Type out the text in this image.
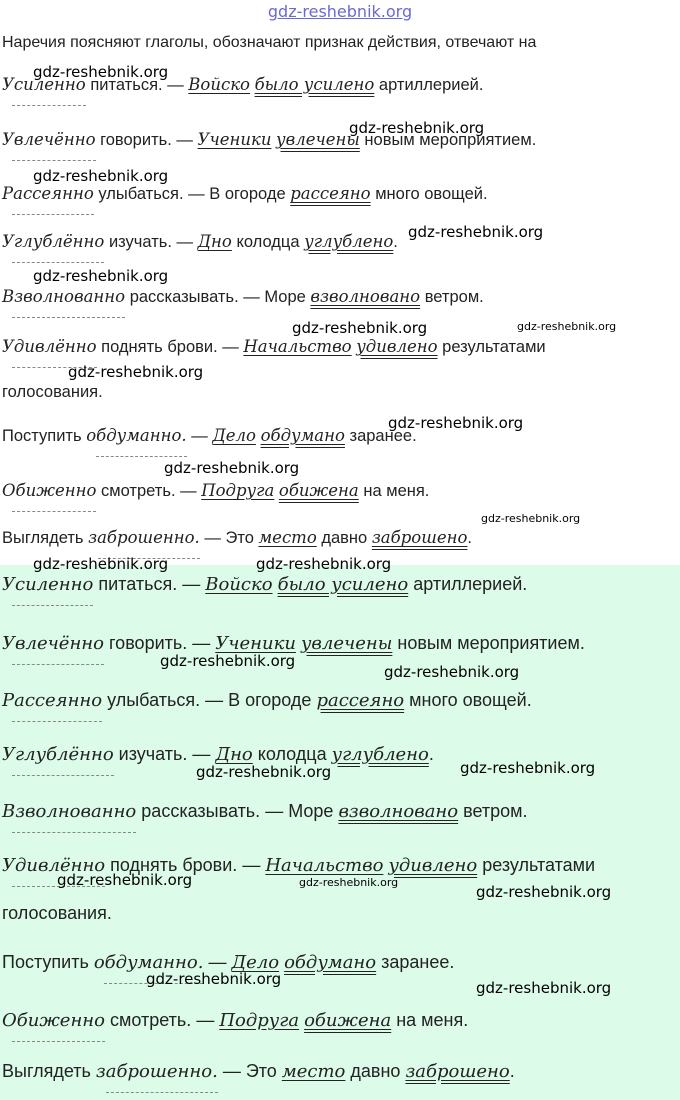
gdz-reshebnik.org
Наречия поясняют глаголы, обозначают признак действия, отвечают на
Усиленно питаться. — Войско было усилено артиллерией.
Увлечённо говорить. — Ученики увлечены новым мероприятием.
Рассеянно улыбаться. — В огороде рассеяно много овощей.
Углублённо изучать. — Дно колодца углублено.
Взволнованно рассказывать. — Море взволновано ветром.
Удивлённо поднять брови. — Начальство удивлено результатами
голосования.
Поступить обдуманно. — Дело обдумано заранее.
Обиженно смотреть. — Подруга обижена на меня.
Выглядеть заброшенно. — Это место давно заброшено.
Усиленно питаться. — Войско было усилено артиллерией.
Увлечённо говорить. — Ученики увлечены новым мероприятием.
Рассеянно улыбаться. — В огороде рассеяно много овощей.
Углублённо изучать. — Дно колодца углублено.
Взволнованно рассказывать. — Море взволновано ветром.
Удивлённо поднять брови. — Начальство удивлено результатами
голосования.
Поступить обдуманно. — Дело обдумано заранее.
Обиженно смотреть. — Подруга обижена на меня.
Выглядеть заброшенно. — Это место давно заброшено.
gdz-reshebnik.org
gdz-reshebnik.org
gdz-reshebnik.org
gdz-reshebnik.org
gdz-reshebnik.org
gdz-reshebnik.org	gdz-reshebnik.org
gdz-reshebnik.org
gdz-reshebnik.org
gdz-reshebnik.org
gdz-reshebnik.org
gdz-reshebnik.org	gdz-reshebnik.org
gdz-reshebnik.org
gdz-reshebnik.org
gdz-reshebnik.org	gdz-reshebnik.org
gdz-reshebnik.org	gdz-reshebnik.org
gdz-reshebnik.org
gdz-reshebnik.org	gdz-reshebnik.org
